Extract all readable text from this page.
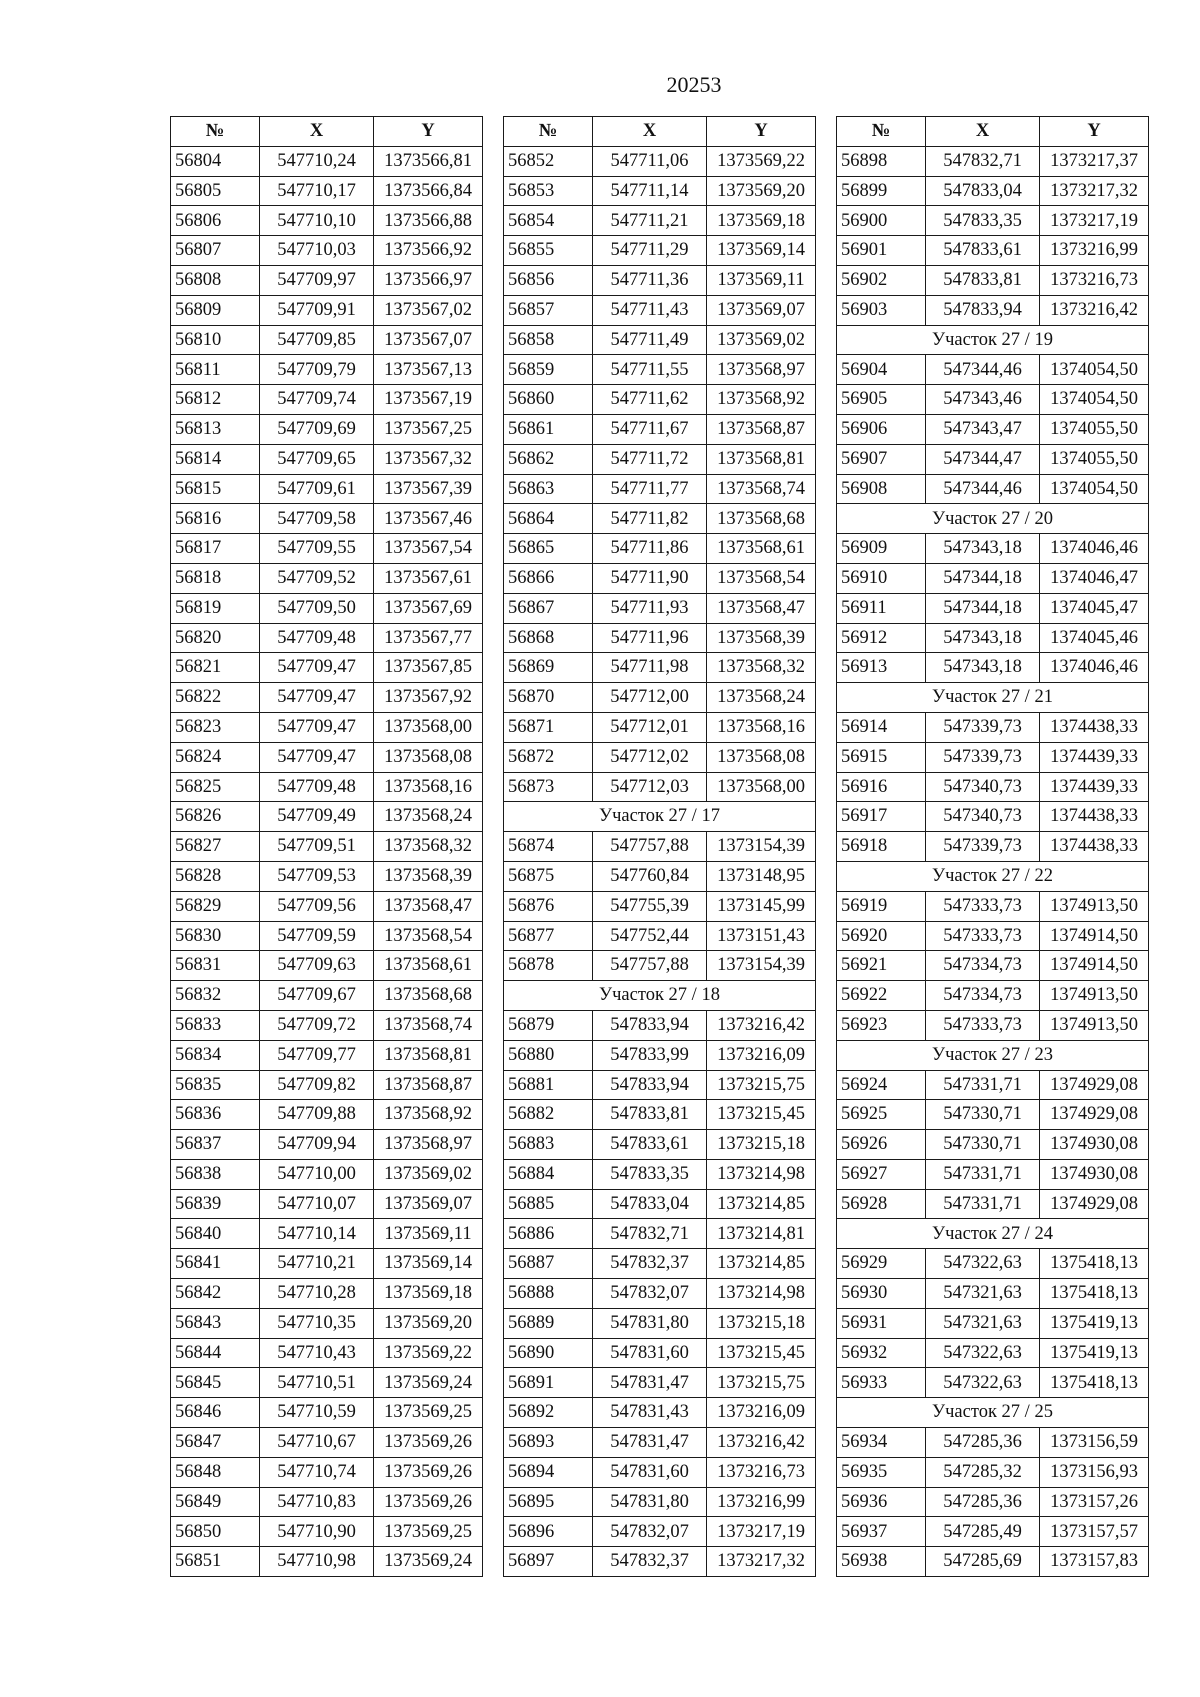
20253
№	X	Y
56804	547710,24	1373566,81
56805	547710,17	1373566,84
56806	547710,10	1373566,88
56807	547710,03	1373566,92
56808	547709,97	1373566,97
56809	547709,91	1373567,02
56810	547709,85	1373567,07
56811	547709,79	1373567,13
56812	547709,74	1373567,19
56813	547709,69	1373567,25
56814	547709,65	1373567,32
56815	547709,61	1373567,39
56816	547709,58	1373567,46
56817	547709,55	1373567,54
56818	547709,52	1373567,61
56819	547709,50	1373567,69
56820	547709,48	1373567,77
56821	547709,47	1373567,85
56822	547709,47	1373567,92
56823	547709,47	1373568,00
56824	547709,47	1373568,08
56825	547709,48	1373568,16
56826	547709,49	1373568,24
56827	547709,51	1373568,32
56828	547709,53	1373568,39
56829	547709,56	1373568,47
56830	547709,59	1373568,54
56831	547709,63	1373568,61
56832	547709,67	1373568,68
56833	547709,72	1373568,74
56834	547709,77	1373568,81
56835	547709,82	1373568,87
56836	547709,88	1373568,92
56837	547709,94	1373568,97
56838	547710,00	1373569,02
56839	547710,07	1373569,07
56840	547710,14	1373569,11
56841	547710,21	1373569,14
56842	547710,28	1373569,18
56843	547710,35	1373569,20
56844	547710,43	1373569,22
56845	547710,51	1373569,24
56846	547710,59	1373569,25
56847	547710,67	1373569,26
56848	547710,74	1373569,26
56849	547710,83	1373569,26
56850	547710,90	1373569,25
56851	547710,98	1373569,24
№	X	Y
56852	547711,06	1373569,22
56853	547711,14	1373569,20
56854	547711,21	1373569,18
56855	547711,29	1373569,14
56856	547711,36	1373569,11
56857	547711,43	1373569,07
56858	547711,49	1373569,02
56859	547711,55	1373568,97
56860	547711,62	1373568,92
56861	547711,67	1373568,87
56862	547711,72	1373568,81
56863	547711,77	1373568,74
56864	547711,82	1373568,68
56865	547711,86	1373568,61
56866	547711,90	1373568,54
56867	547711,93	1373568,47
56868	547711,96	1373568,39
56869	547711,98	1373568,32
56870	547712,00	1373568,24
56871	547712,01	1373568,16
56872	547712,02	1373568,08
56873	547712,03	1373568,00
Участок 27 / 17		
56874	547757,88	1373154,39
56875	547760,84	1373148,95
56876	547755,39	1373145,99
56877	547752,44	1373151,43
56878	547757,88	1373154,39
Участок 27 / 18		
56879	547833,94	1373216,42
56880	547833,99	1373216,09
56881	547833,94	1373215,75
56882	547833,81	1373215,45
56883	547833,61	1373215,18
56884	547833,35	1373214,98
56885	547833,04	1373214,85
56886	547832,71	1373214,81
56887	547832,37	1373214,85
56888	547832,07	1373214,98
56889	547831,80	1373215,18
56890	547831,60	1373215,45
56891	547831,47	1373215,75
56892	547831,43	1373216,09
56893	547831,47	1373216,42
56894	547831,60	1373216,73
56895	547831,80	1373216,99
56896	547832,07	1373217,19
56897	547832,37	1373217,32
№	X	Y
56898	547832,71	1373217,37
56899	547833,04	1373217,32
56900	547833,35	1373217,19
56901	547833,61	1373216,99
56902	547833,81	1373216,73
56903	547833,94	1373216,42
Участок 27 / 19		
56904	547344,46	1374054,50
56905	547343,46	1374054,50
56906	547343,47	1374055,50
56907	547344,47	1374055,50
56908	547344,46	1374054,50
Участок 27 / 20		
56909	547343,18	1374046,46
56910	547344,18	1374046,47
56911	547344,18	1374045,47
56912	547343,18	1374045,46
56913	547343,18	1374046,46
Участок 27 / 21		
56914	547339,73	1374438,33
56915	547339,73	1374439,33
56916	547340,73	1374439,33
56917	547340,73	1374438,33
56918	547339,73	1374438,33
Участок 27 / 22		
56919	547333,73	1374913,50
56920	547333,73	1374914,50
56921	547334,73	1374914,50
56922	547334,73	1374913,50
56923	547333,73	1374913,50
Участок 27 / 23		
56924	547331,71	1374929,08
56925	547330,71	1374929,08
56926	547330,71	1374930,08
56927	547331,71	1374930,08
56928	547331,71	1374929,08
Участок 27 / 24		
56929	547322,63	1375418,13
56930	547321,63	1375418,13
56931	547321,63	1375419,13
56932	547322,63	1375419,13
56933	547322,63	1375418,13
Участок 27 / 25		
56934	547285,36	1373156,59
56935	547285,32	1373156,93
56936	547285,36	1373157,26
56937	547285,49	1373157,57
56938	547285,69	1373157,83
